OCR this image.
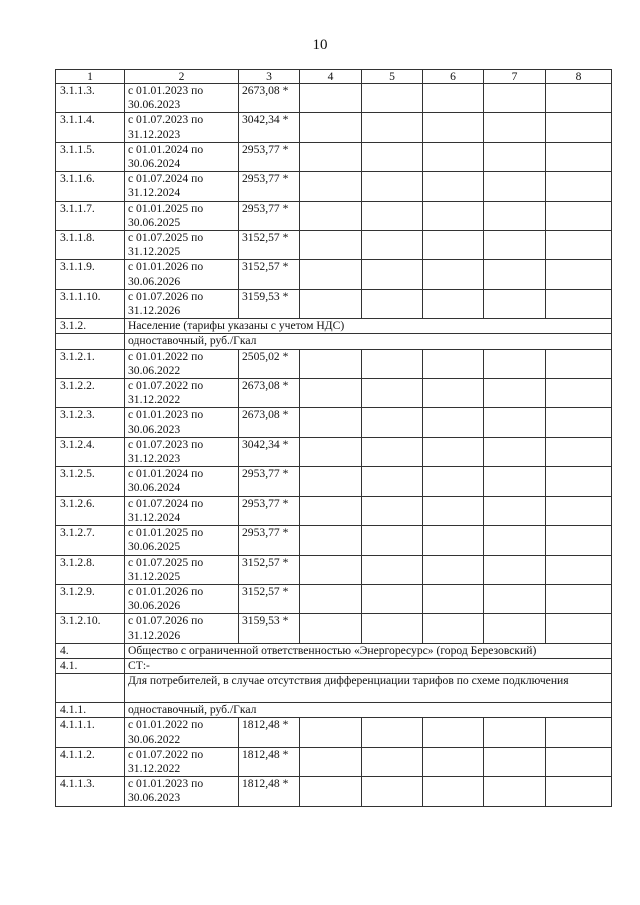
10
1	2	3	4	5	6	7	8
3.1.1.3.	с 01.01.2023 по
30.06.2023	2673,08 *					
3.1.1.4.	с 01.07.2023 по
31.12.2023	3042,34 *					
3.1.1.5.	с 01.01.2024 по
30.06.2024	2953,77 *					
3.1.1.6.	с 01.07.2024 по
31.12.2024	2953,77 *					
3.1.1.7.	с 01.01.2025 по
30.06.2025	2953,77 *					
3.1.1.8.	с 01.07.2025 по
31.12.2025	3152,57 *					
3.1.1.9.	с 01.01.2026 по
30.06.2026	3152,57 *					
3.1.1.10.	с 01.07.2026 по
31.12.2026	3159,53 *					
3.1.2.	Население (тарифы указаны с учетом НДС)						
	одноставочный, руб./Гкал						
3.1.2.1.	с 01.01.2022 по
30.06.2022	2505,02 *					
3.1.2.2.	с 01.07.2022 по
31.12.2022	2673,08 *					
3.1.2.3.	с 01.01.2023 по
30.06.2023	2673,08 *					
3.1.2.4.	с 01.07.2023 по
31.12.2023	3042,34 *					
3.1.2.5.	с 01.01.2024 по
30.06.2024	2953,77 *					
3.1.2.6.	с 01.07.2024 по
31.12.2024	2953,77 *					
3.1.2.7.	с 01.01.2025 по
30.06.2025	2953,77 *					
3.1.2.8.	с 01.07.2025 по
31.12.2025	3152,57 *					
3.1.2.9.	с 01.01.2026 по
30.06.2026	3152,57 *					
3.1.2.10.	с 01.07.2026 по
31.12.2026	3159,53 *					
4.	Общество с ограниченной ответственностью «Энергоресурс» (город Березовский)						
4.1.	СТ:-						
	Для потребителей, в случае отсутствия дифференциации тарифов по схеме подключения						
4.1.1.	одноставочный, руб./Гкал						
4.1.1.1.	с 01.01.2022 по
30.06.2022	1812,48 *					
4.1.1.2.	с 01.07.2022 по
31.12.2022	1812,48 *					
4.1.1.3.	с 01.01.2023 по
30.06.2023	1812,48 *					
